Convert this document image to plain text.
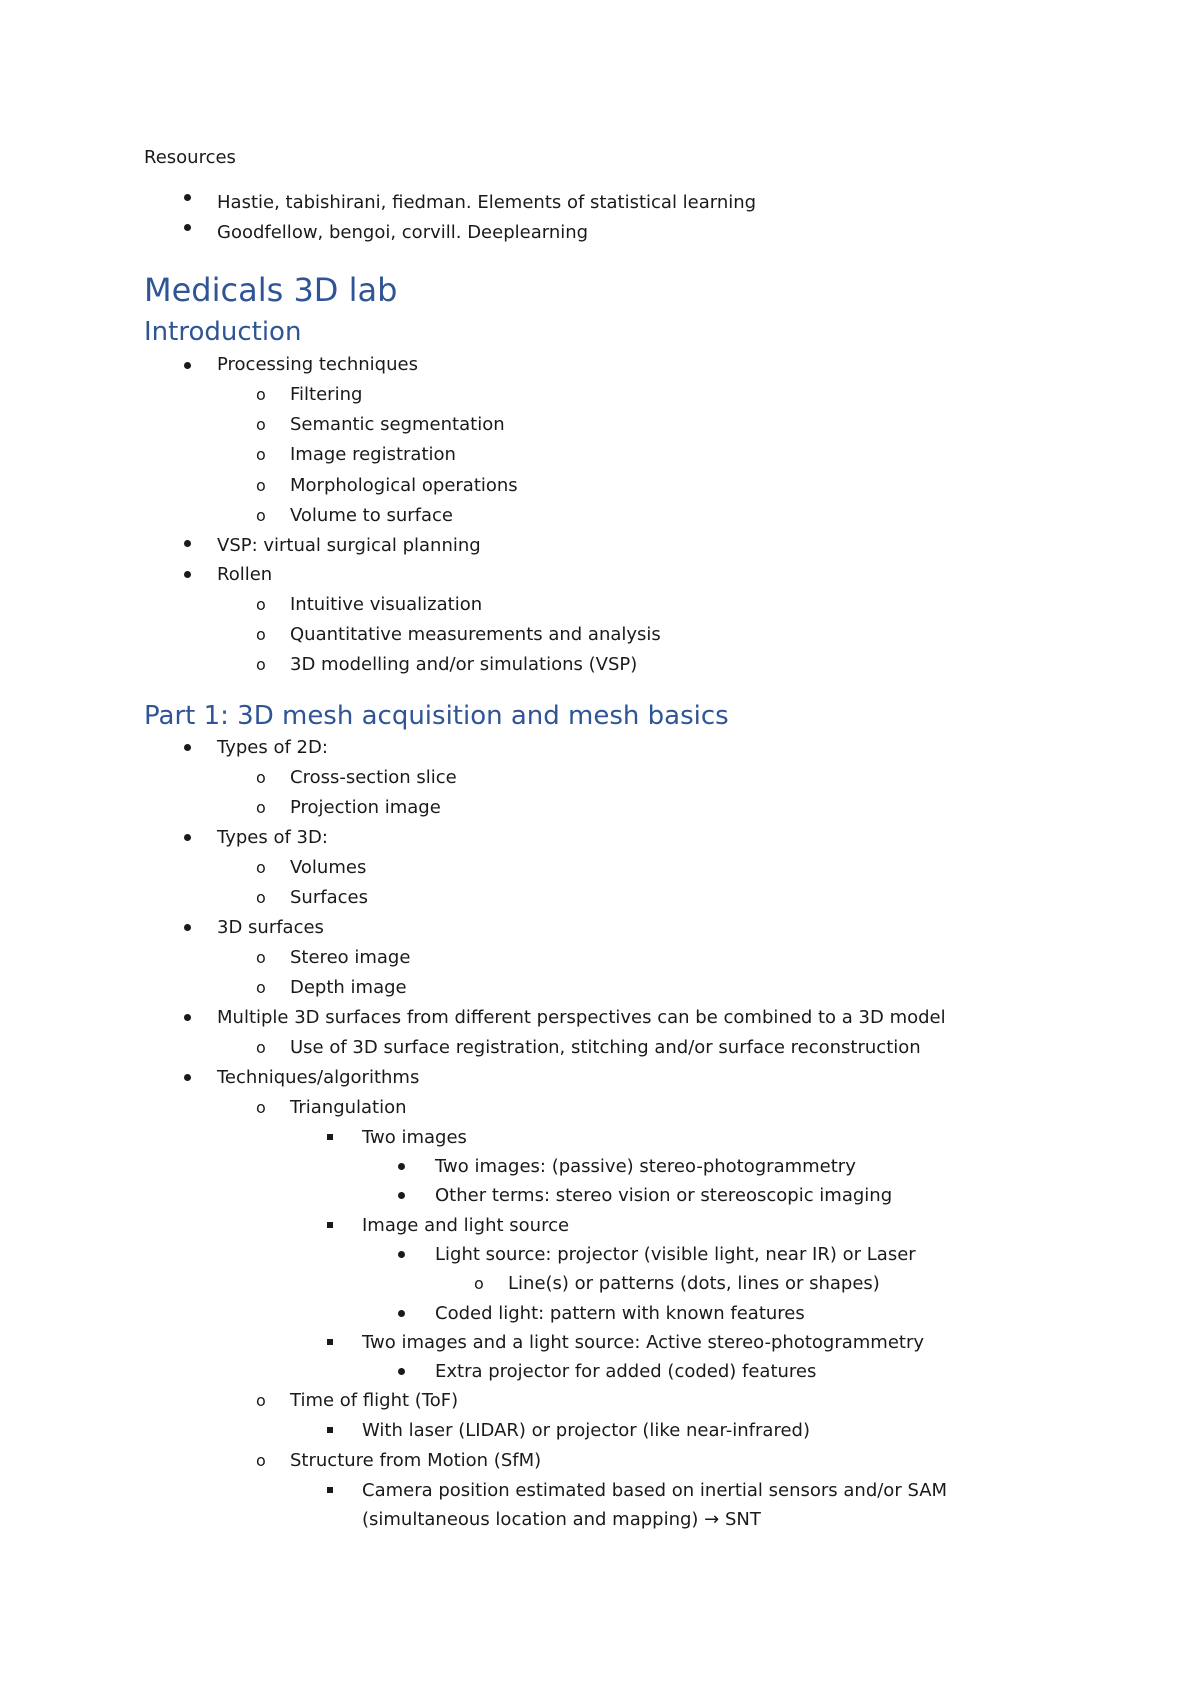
Resources
Hastie, tabishirani, fiedman. Elements of statistical learning
Goodfellow, bengoi, corvill. Deeplearning
Medicals 3D lab
Introduction
Processing techniques
o Filtering
o Semantic segmentation
o Image registration
o Morphological operations
o Volume to surface
VSP: virtual surgical planning
Rollen
o Intuitive visualization
o Quantitative measurements and analysis
o 3D modelling and/or simulations (VSP)
Part 1: 3D mesh acquisition and mesh basics
Types of 2D:
o Cross-section slice
o Projection image
Types of 3D:
o Volumes
o Surfaces
3D surfaces
o Stereo image
o Depth image
Multiple 3D surfaces from different perspectives can be combined to a 3D model
o Use of 3D surface registration, stitching and/or surface reconstruction
Techniques/algorithms
o Triangulation
Two images
Two images: (passive) stereo-photogrammetry
Other terms: stereo vision or stereoscopic imaging
Image and light source
Light source: projector (visible light, near IR) or Laser
o Line(s) or patterns (dots, lines or shapes)
Coded light: pattern with known features
Two images and a light source: Active stereo-photogrammetry
Extra projector for added (coded) features
o Time of flight (ToF)
With laser (LIDAR) or projector (like near-infrared)
o Structure from Motion (SfM)
Camera position estimated based on inertial sensors and/or SAM
(simultaneous location and mapping) → SNT
